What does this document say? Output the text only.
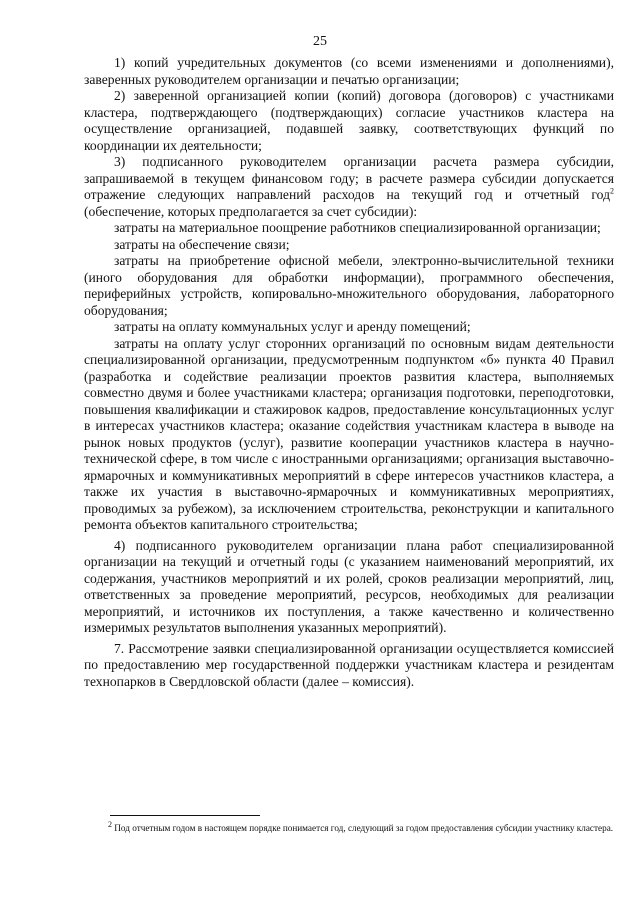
25

1) копий учредительных документов (со всеми изменениями и дополнениями), заверенных руководителем организации и печатью организации;

2) заверенной организацией копии (копий) договора (договоров) с участниками кластера, подтверждающего (подтверждающих) согласие участников кластера на осуществление организацией, подавшей заявку, соответствующих функций по координации их деятельности;

3) подписанного руководителем организации расчета размера субсидии, запрашиваемой в текущем финансовом году; в расчете размера субсидии допускается отражение следующих направлений расходов на текущий год и отчетный год$^2$ (обеспечение, которых предполагается за счет субсидии):

затраты на материальное поощрение работников специализированной организации;

затраты на обеспечение связи;

затраты на приобретение офисной мебели, электронно-вычислительной техники (иного оборудования для обработки информации), программного обеспечения, периферийных устройств, копировально-множительного оборудования, лабораторного оборудования;

затраты на оплату коммунальных услуг и аренду помещений;

затраты на оплату услуг сторонних организаций по основным видам деятельности специализированной организации, предусмотренным подпунктом «б» пункта 40 Правил (разработка и содействие реализации проектов развития кластера, выполняемых совместно двумя и более участниками кластера; организация подготовки, переподготовки, повышения квалификации и стажировок кадров, предоставление консультационных услуг в интересах участников кластера; оказание содействия участникам кластера в выводе на рынок новых продуктов (услуг), развитие кооперации участников кластера в научно-технической сфере, в том числе с иностранными организациями; организация выставочно-ярмарочных и коммуникативных мероприятий в сфере интересов участников кластера, а также их участия в выставочно-ярмарочных и коммуникативных мероприятиях, проводимых за рубежом), за исключением строительства, реконструкции и капитального ремонта объектов капитального строительства;

4) подписанного руководителем организации плана работ специализированной организации на текущий и отчетный годы (с указанием наименований мероприятий, их содержания, участников мероприятий и их ролей, сроков реализации мероприятий, лиц, ответственных за проведение мероприятий, ресурсов, необходимых для реализации мероприятий, и источников их поступления, а также качественно и количественно измеримых результатов выполнения указанных мероприятий).

7. Рассмотрение заявки специализированной организации осуществляется комиссией по предоставлению мер государственной поддержки участникам кластера и резидентам технопарков в Свердловской области (далее – комиссия).

$^2$ Под отчетным годом в настоящем порядке понимается год, следующий за годом предоставления субсидии участнику кластера.
